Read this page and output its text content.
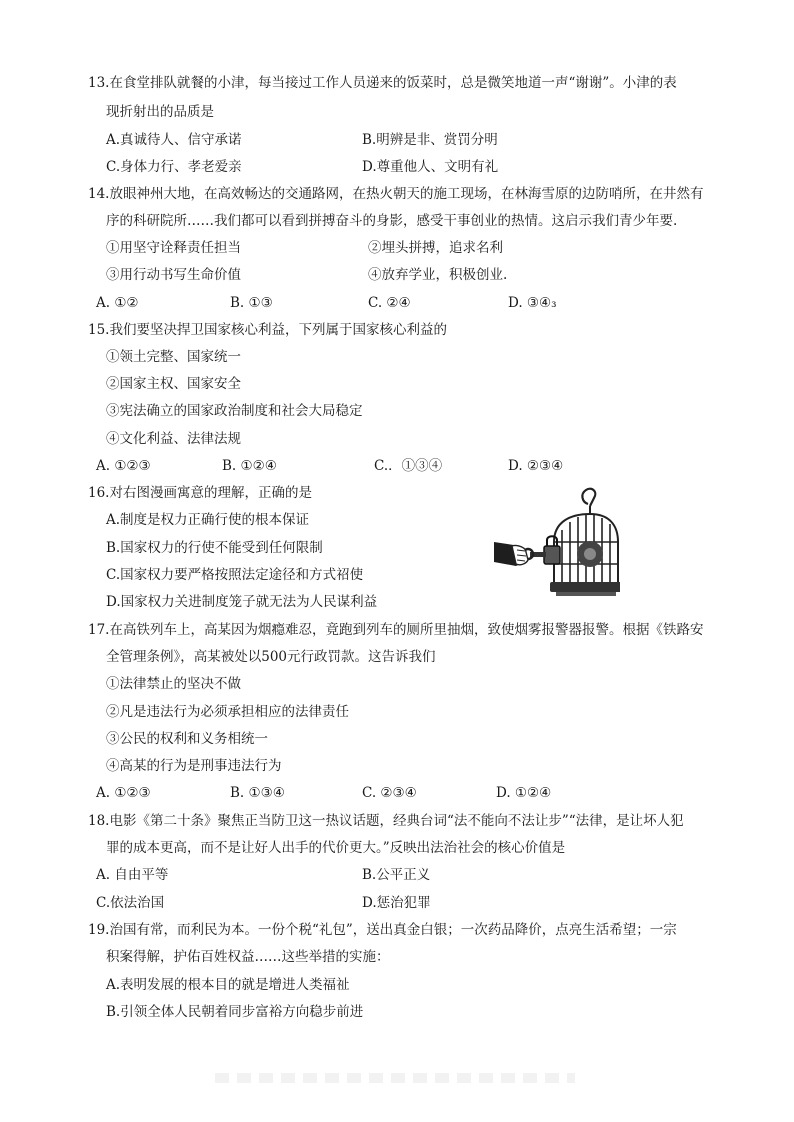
13.在食堂排队就餐的小津，每当接过工作人员递来的饭菜时，总是微笑地道一声“谢谢”。小津的表
现折射出的品质是
A.真诚待人、信守承诺	B.明辨是非、赏罚分明
C.身体力行、孝老爱亲	D.尊重他人、文明有礼
14.放眼神州大地，在高效畅达的交通路网，在热火朝天的施工现场，在林海雪原的边防哨所，在井然有
序的科研院所……我们都可以看到拼搏奋斗的身影，感受干事创业的热情。这启示我们青少年要.
①用坚守诠释责任担当	②埋头拼搏，追求名利
③用行动书写生命价值	④放弃学业，积极创业.
A. ①②	B. ①③	C. ②④	D. ③④₃
15.我们要坚决捍卫国家核心利益，下列属于国家核心利益的
①领土完整、国家统一
②国家主权、国家安全
③宪法确立的国家政治制度和社会大局稳定
④文化利益、法律法规
A. ①②③	B. ①②④	C.．①③④	D. ②③④
16.对右图漫画寓意的理解，正确的是
A.制度是权力正确行使的根本保证
B.国家权力的行使不能受到任何限制
C.国家权力要严格按照法定途径和方式祒使
D.国家权力关进制度笼子就无法为人民谋利益
17.在高铁列车上，高某因为烟瘾难忍，竟跑到列车的厕所里抽烟，致使烟雾报警器报警。根据《铁路安
全管理条例》，高某被处以500元行政罚款。这告诉我们
①法律禁止的坚决不做
②凡是违法行为必须承担相应的法律责任
③公民的权利和义务相统一
④高某的行为是刑事违法行为
A. ①②③	B. ①③④	C. ②③④	D. ①②④
18.电影《第二十条》聚焦正当防卫这一热议话题，经典台词“法不能向不法让步”“法律，是让坏人犯
罪的成本更高，而不是让好人出手的代价更大。”反映出法治社会的核心价值是
A. 自由平等	B.公平正义
C.依法治国	D.惩治犯罪
19.治国有常，而利民为本。一份个税“礼包”，送出真金白银；一次药品降价，点亮生活希望；一宗
积案得解，护佑百姓权益……这些举措的实施：
A.表明发展的根本目的就是增进人类福祉
B.引领全体人民朝着同步富裕方向稳步前进
